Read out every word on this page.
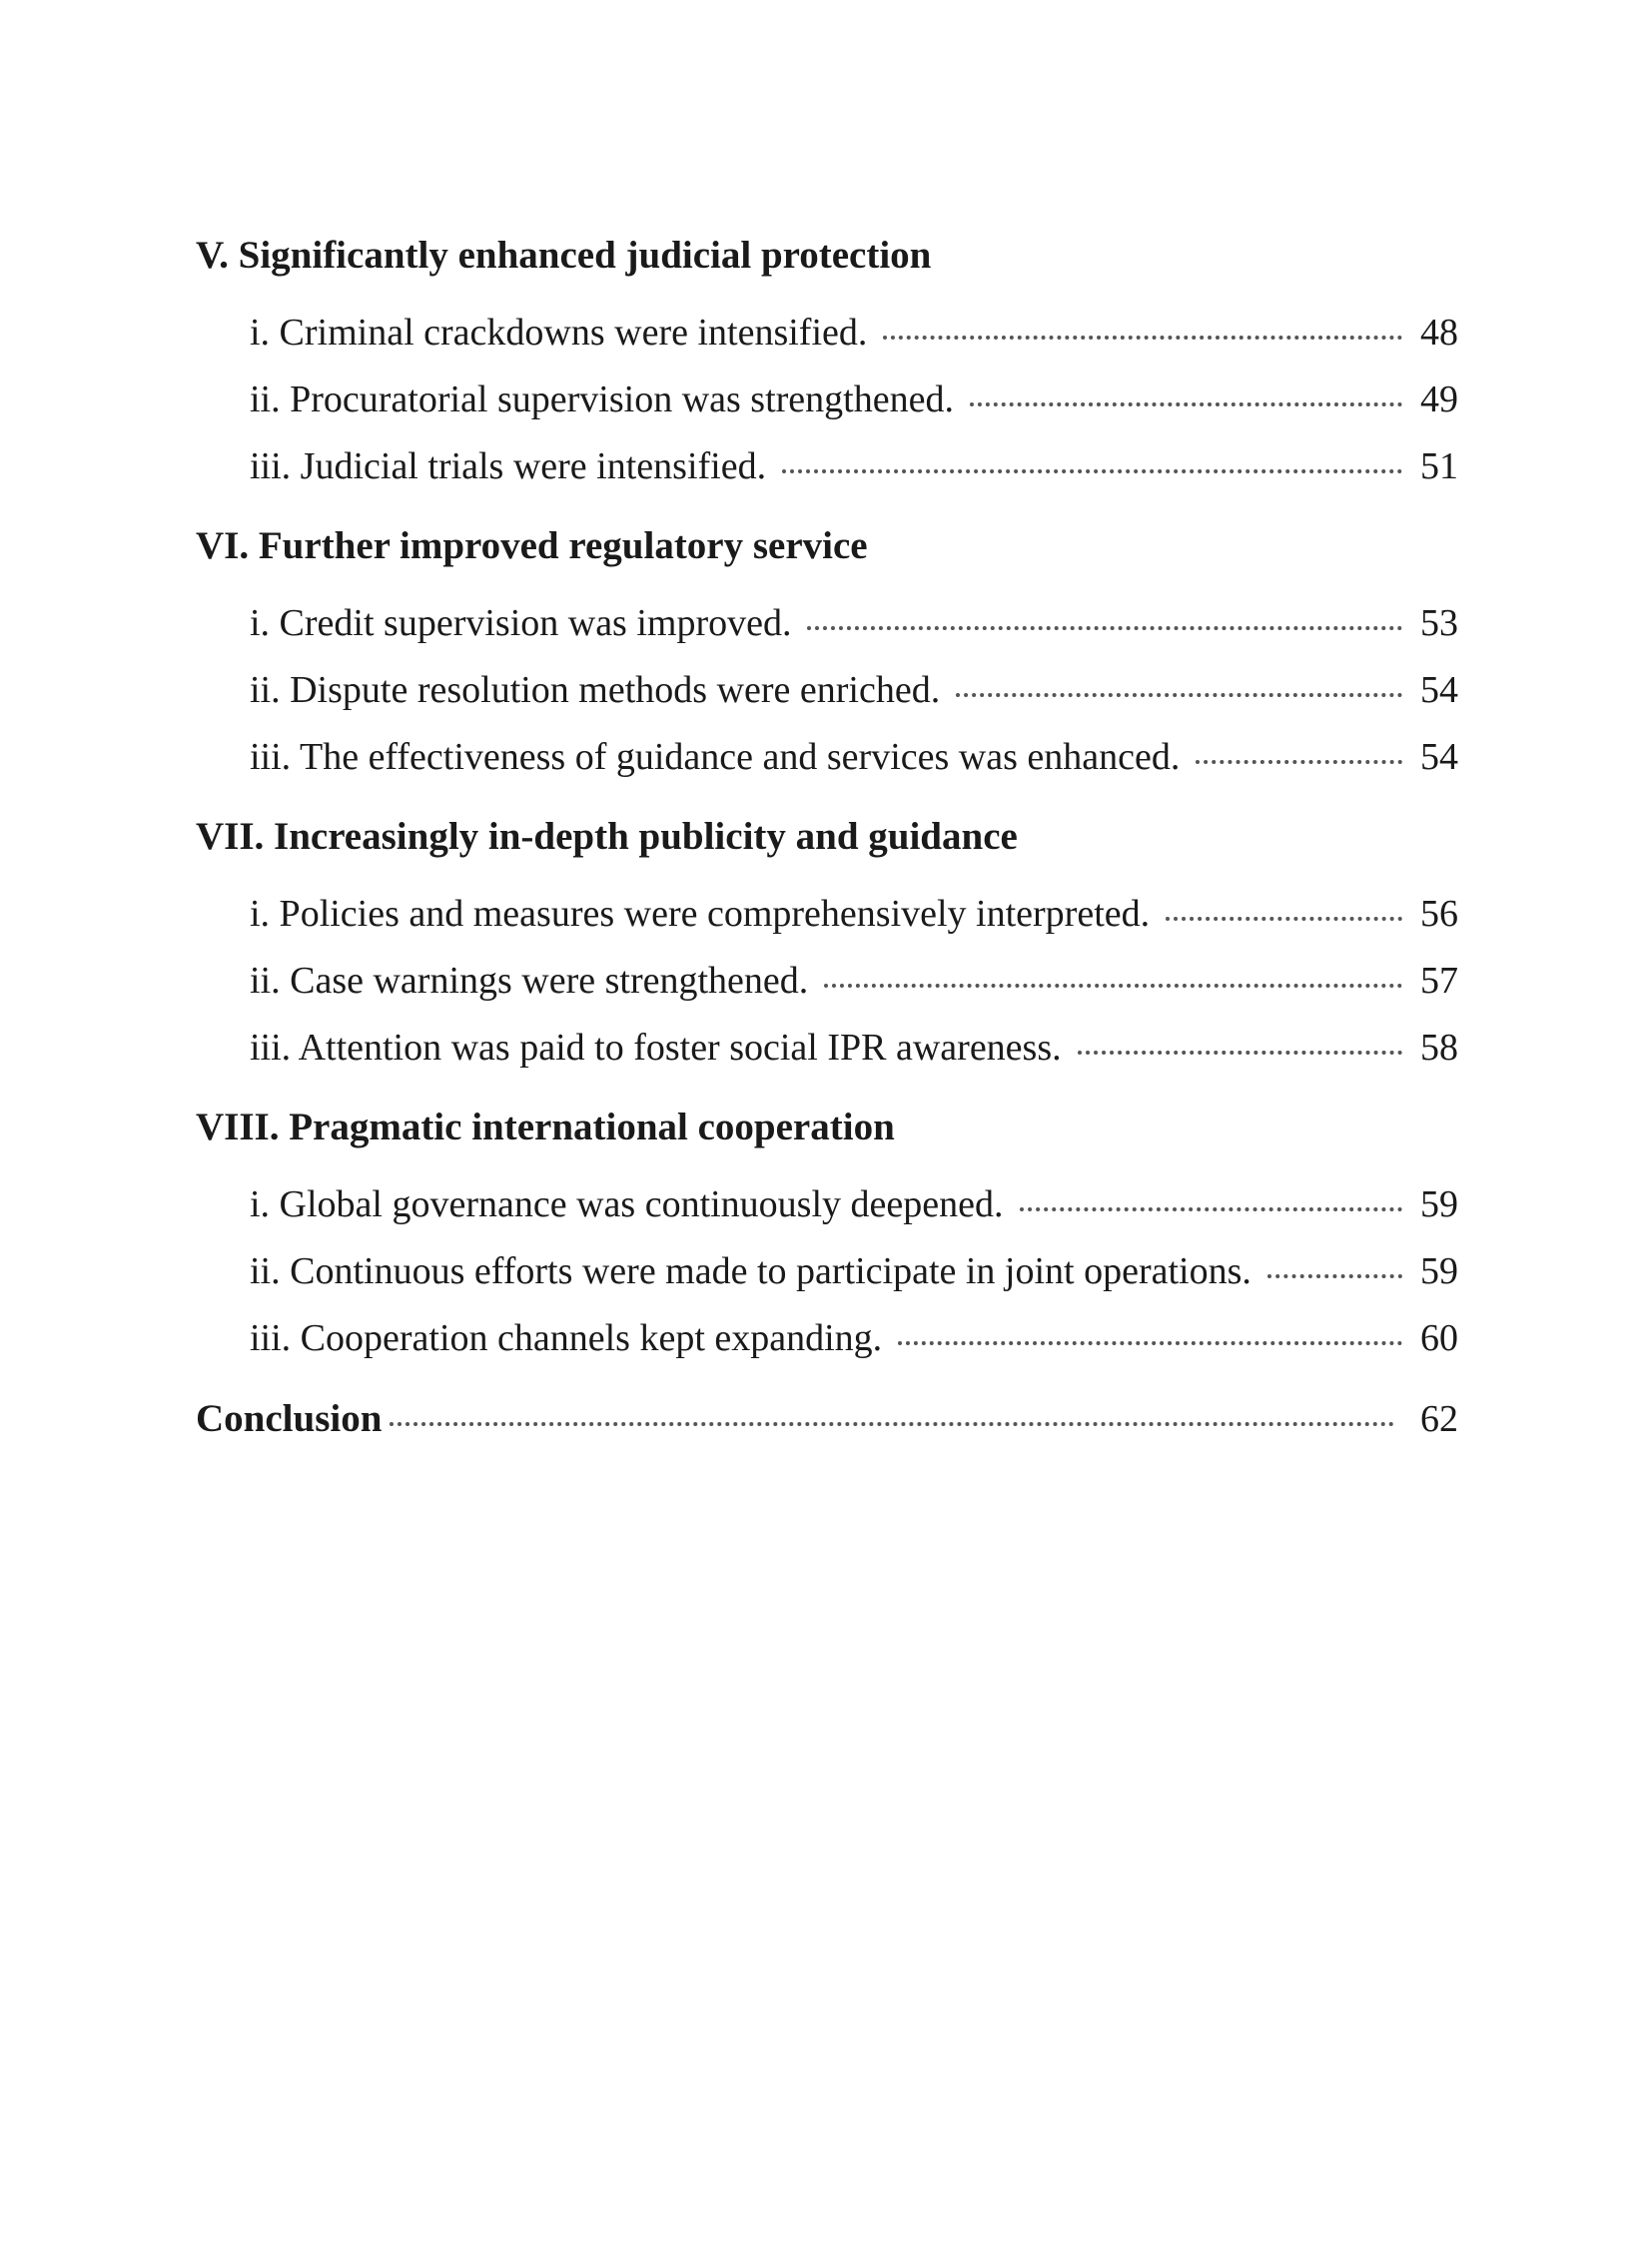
V. Significantly enhanced judicial protection
i. Criminal crackdowns were intensified.	48
ii. Procuratorial supervision was strengthened.	49
iii. Judicial trials were intensified.	51
VI. Further improved regulatory service
i. Credit supervision was improved.	53
ii. Dispute resolution methods were enriched.	54
iii. The effectiveness of guidance and services was enhanced.	54
VII. Increasingly in-depth publicity and guidance
i. Policies and measures were comprehensively interpreted.	56
ii. Case warnings were strengthened.	57
iii. Attention was paid to foster social IPR awareness.	58
VIII. Pragmatic international cooperation
i. Global governance was continuously deepened.	59
ii. Continuous efforts were made to participate in joint operations.	59
iii. Cooperation channels kept expanding.	60
Conclusion	62
